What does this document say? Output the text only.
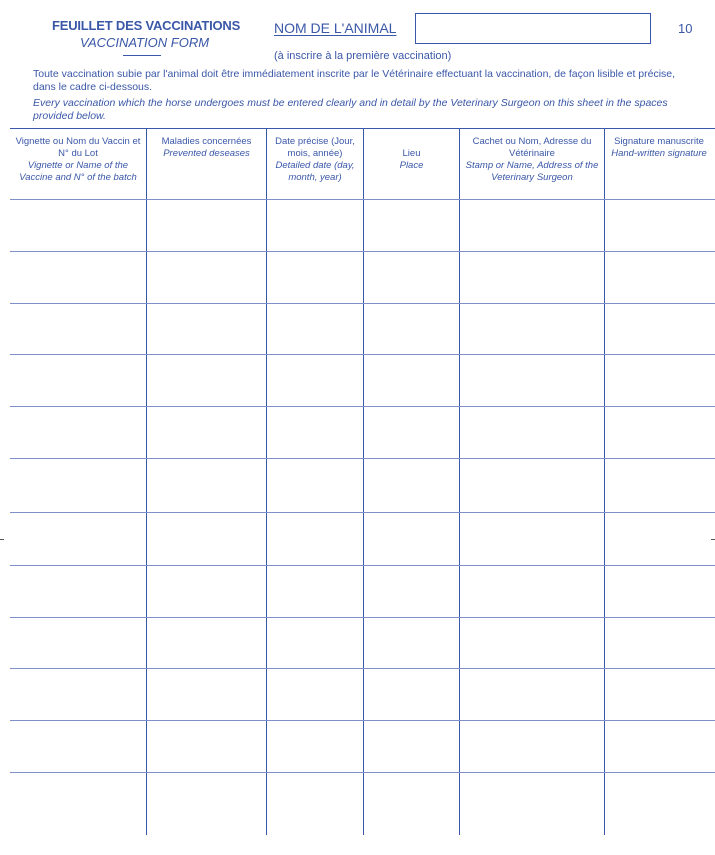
FEUILLET DES VACCINATIONS
VACCINATION FORM
NOM DE L'ANIMAL	10
(à inscrire à la première vaccination)
Toute vaccination subie par l'animal doit être immédiatement inscrite par le Vétérinaire effectuant la vaccination, de façon lisible et précise, dans le cadre ci-dessous.
Every vaccination which the horse undergoes must be entered clearly and in detail by the Veterinary Surgeon on this sheet in the spaces provided below.
Vignette ou Nom du Vaccin et N° du Lot
Vignette or Name of the Vaccine and N° of the batch
Maladies concernées
Prevented deseases
Date précise (Jour, mois, année)
Detailed date (day, month, year)
Lieu
Place
Cachet ou Nom, Adresse du Vétérinaire
Stamp or Name, Address of the Veterinary Surgeon
Signature manuscrite
Hand-written signature
